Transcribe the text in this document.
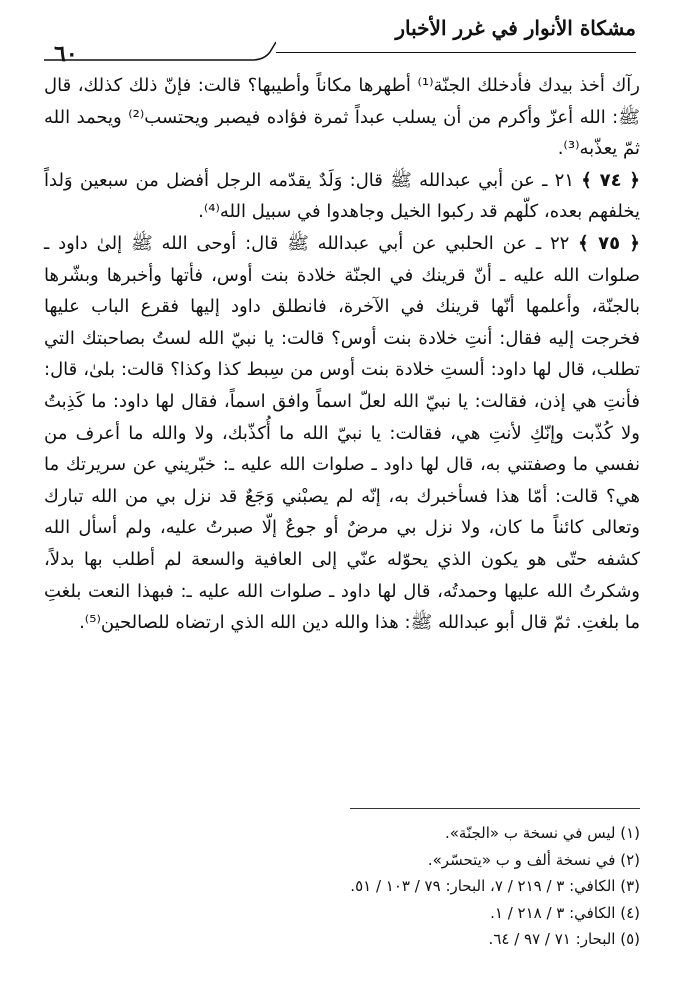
مشكاة الأنوار في غرر الأخبار
٦٠

رآك أخذ بيدك فأدخلك الجنّة⁽¹⁾ أطهرها مكاناً وأطيبها؟ قالت: فإنّ ذلك كذلك، قال ﷺ: الله أعزّ وأكرم من أن يسلب عبداً ثمرة فؤاده فيصبر ويحتسب⁽²⁾ ويحمد الله ثمّ يعذّبه⁽³⁾.

﴿ ٧٤ ﴾ ٢١ ـ عن أبي عبدالله ﷺ قال: وَلَدٌ يقدّمه الرجل أفضل من سبعين وَلداً يخلفهم بعده، كلّهم قد ركبوا الخيل وجاهدوا في سبيل الله⁽⁴⁾.

﴿ ٧٥ ﴾ ٢٢ ـ عن الحلبي عن أبي عبدالله ﷺ قال: أوحى الله ﷺ إلىٰ داود ـ صلوات الله عليه ـ أنّ قرينك في الجنّة خلادة بنت أوس، فأتها وأخبرها وبشّرها بالجنّة، وأعلمها أنّها قرينك في الآخرة، فانطلق داود إليها فقرع الباب عليها فخرجت إليه فقال: أنتِ خلادة بنت أوس؟ قالت: يا نبيّ الله لستُ بصاحبتك التي تطلب، قال لها داود: ألستِ خلادة بنت أوس من سِبط كذا وكذا؟ قالت: بلىٰ، قال: فأنتِ هي إذن، فقالت: يا نبيّ الله لعلّ اسماً وافق اسماً، فقال لها داود: ما كَذِبتُ ولا كُذّبت وإنّكِ لأنتِ هي، فقالت: يا نبيّ الله ما أُكذّبك، ولا والله ما أعرف من نفسي ما وصفتني به، قال لها داود ـ صلوات الله عليه ـ: خبّريني عن سريرتك ما هي؟ قالت: أمّا هذا فسأخبرك به، إنّه لم يصبْني وَجَعٌ قد نزل بي من الله تبارك وتعالى كائناً ما كان، ولا نزل بي مرضٌ أو جوعٌ إلّا صبرتُ عليه، ولم أسأل الله كشفه حتّى هو يكون الذي يحوّله عنّي إلى العافية والسعة لم أطلب بها بدلاً، وشكرتُ الله عليها وحمدتُه، قال لها داود ـ صلوات الله عليه ـ: فبهذا النعت بلغتِ ما بلغتِ. ثمّ قال أبو عبدالله ﷺ: هذا والله دين الله الذي ارتضاه للصالحين⁽⁵⁾.

(١) ليس في نسخة ب «الجنّة».

(٢) في نسخة ألف و ب «يتحسّر».

(٣) الكافي: ٣ / ٢١٩ / ٧، البحار: ٧٩ / ١٠٣ / ٥١.

(٤) الكافي: ٣ / ٢١٨ / ١.

(٥) البحار: ٧١ / ٩٧ / ٦٤.
